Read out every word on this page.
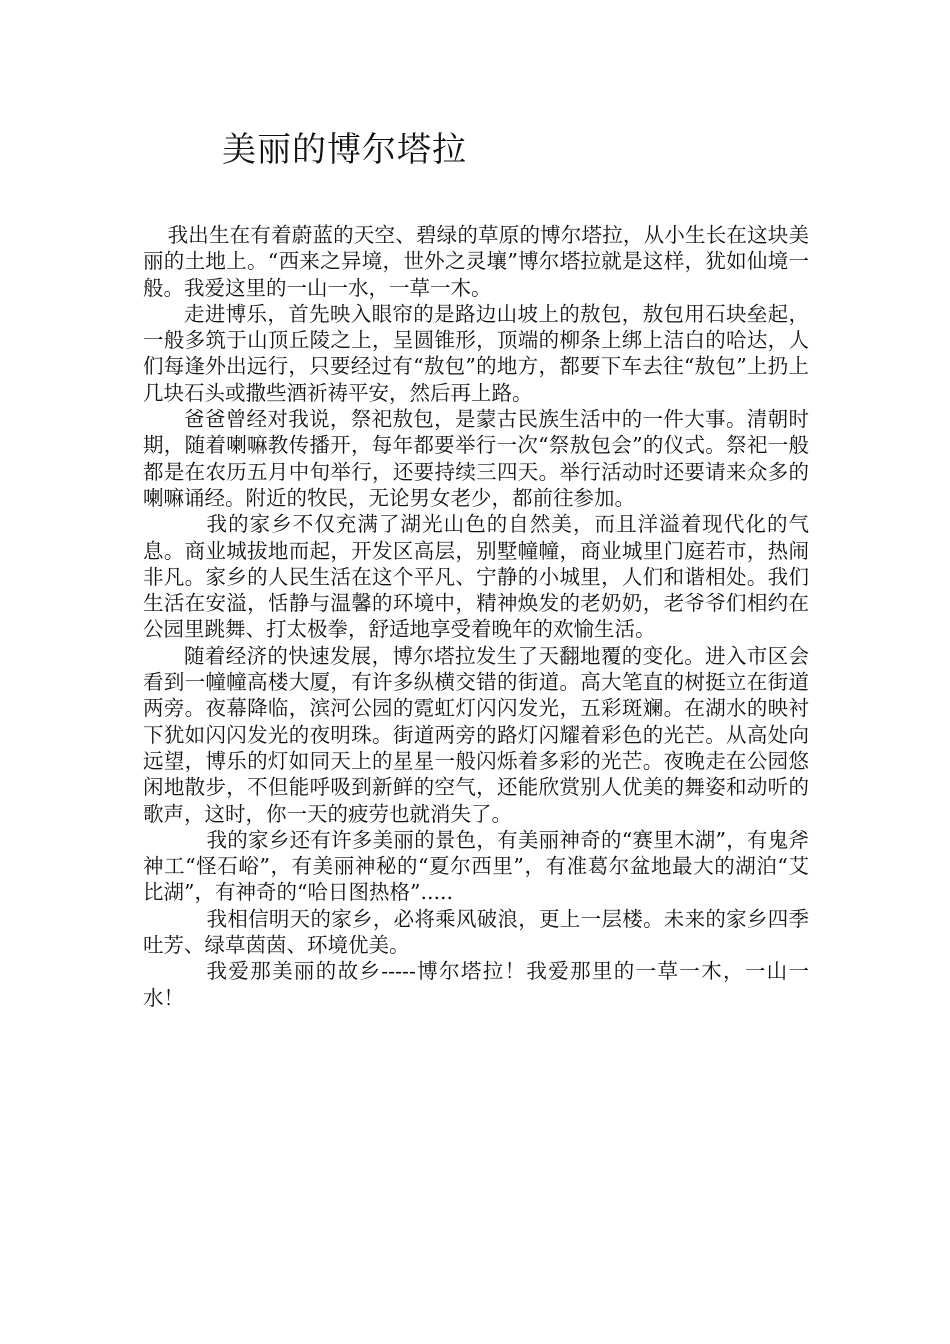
美丽的博尔塔拉

我出生在有着蔚蓝的天空、碧绿的草原的博尔塔拉，从小生长在这块美丽的土地上。“西来之异境，世外之灵壤”博尔塔拉就是这样，犹如仙境一般。我爱这里的一山一水，一草一木。

走进博乐，首先映入眼帘的是路边山坡上的敖包，敖包用石块垒起，一般多筑于山顶丘陵之上，呈圆锥形，顶端的柳条上绑上洁白的哈达，人们每逢外出远行，只要经过有“敖包”的地方，都要下车去往“敖包”上扔上几块石头或撒些酒祈祷平安，然后再上路。

爸爸曾经对我说，祭祀敖包，是蒙古民族生活中的一件大事。清朝时期，随着喇嘛教传播开，每年都要举行一次“祭敖包会”的仪式。祭祀一般都是在农历五月中旬举行，还要持续三四天。举行活动时还要请来众多的喇嘛诵经。附近的牧民，无论男女老少，都前往参加。

我的家乡不仅充满了湖光山色的自然美，而且洋溢着现代化的气息。商业城拔地而起，开发区高层，别墅幢幢，商业城里门庭若市，热闹非凡。家乡的人民生活在这个平凡、宁静的小城里，人们和谐相处。我们生活在安溢，恬静与温馨的环境中，精神焕发的老奶奶，老爷爷们相约在公园里跳舞、打太极拳，舒适地享受着晚年的欢愉生活。

随着经济的快速发展，博尔塔拉发生了天翻地覆的变化。进入市区会看到一幢幢高楼大厦，有许多纵横交错的街道。高大笔直的树挺立在街道两旁。夜幕降临，滨河公园的霓虹灯闪闪发光，五彩斑斓。在湖水的映衬下犹如闪闪发光的夜明珠。街道两旁的路灯闪耀着彩色的光芒。从高处向远望，博乐的灯如同天上的星星一般闪烁着多彩的光芒。夜晚走在公园悠闲地散步，不但能呼吸到新鲜的空气，还能欣赏别人优美的舞姿和动听的歌声，这时，你一天的疲劳也就消失了。

我的家乡还有许多美丽的景色，有美丽神奇的“赛里木湖”，有鬼斧神工“怪石峪”，有美丽神秘的“夏尔西里”，有准葛尔盆地最大的湖泊“艾比湖”，有神奇的“哈日图热格”.....

我相信明天的家乡，必将乘风破浪，更上一层楼。未来的家乡四季吐芳、绿草茵茵、环境优美。

我爱那美丽的故乡-----博尔塔拉！我爱那里的一草一木，一山一水！
